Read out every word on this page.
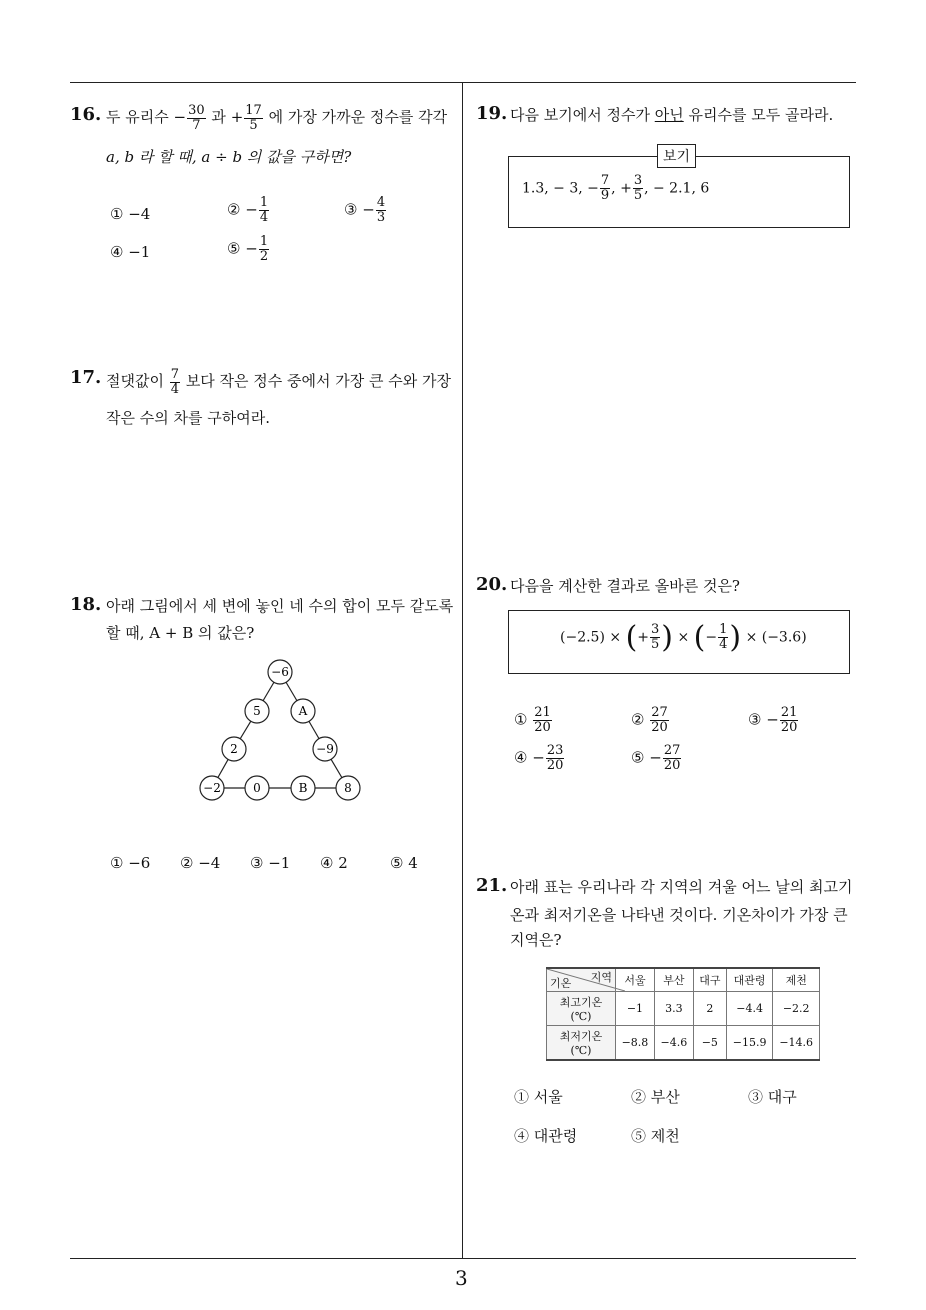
3
16. 두 유리수 − $\frac{30}{7}$ 과 + $\frac{17}{5}$ 에 가장 가까운 정수를 각각
a, b 라 할 때, a ÷ b 의 값을 구하면?
① −4	② − $\frac{1}{4}$	③ − $\frac{4}{3}$
④ −1	⑤ − $\frac{1}{2}$
17. 절댓값이 $\frac{7}{4}$ 보다 작은 정수 중에서 가장 큰 수와 가장
작은 수의 차를 구하여라.
18. 아래 그림에서 세 변에 놓인 네 수의 합이 모두 같도록
할 때, A + B 의 값은?
−6
5	A
2	−9
−2	0	B	8
① −6 ② −4 ③ −1 ④ 2	⑤ 4
19. 다음 보기에서 정수가 아닌 유리수를 모두 골라라.
보기
1.3, − 3, − $\frac{7}{9}$ , + $\frac{3}{5}$ , − 2.1, 6
20. 다음을 계산한 결과로 올바른 것은?
(−2.5) × (+ $\frac{3}{5}$ ) × (− $\frac{1}{4}$ ) × (−3.6)
① $\frac{21}{20}$	② $\frac{27}{20}$	③ − $\frac{21}{20}$
④ − $\frac{23}{20}$	⑤ − $\frac{27}{20}$
21. 아래 표는 우리나라 각 지역의 겨울 어느 날의 최고기
온과 최저기온을 나타낸 것이다. 기온차이가 가장 큰
지역은?
지역
기온	서울	부산	대구	대관령	제천
최고기온(℃)	−1	3.3	2	−4.4	−2.2
최저기온(℃)	−8.8	−4.6	−5	−15.9	−14.6
① 서울	② 부산	③ 대구
④ 대관령	⑤ 제천
